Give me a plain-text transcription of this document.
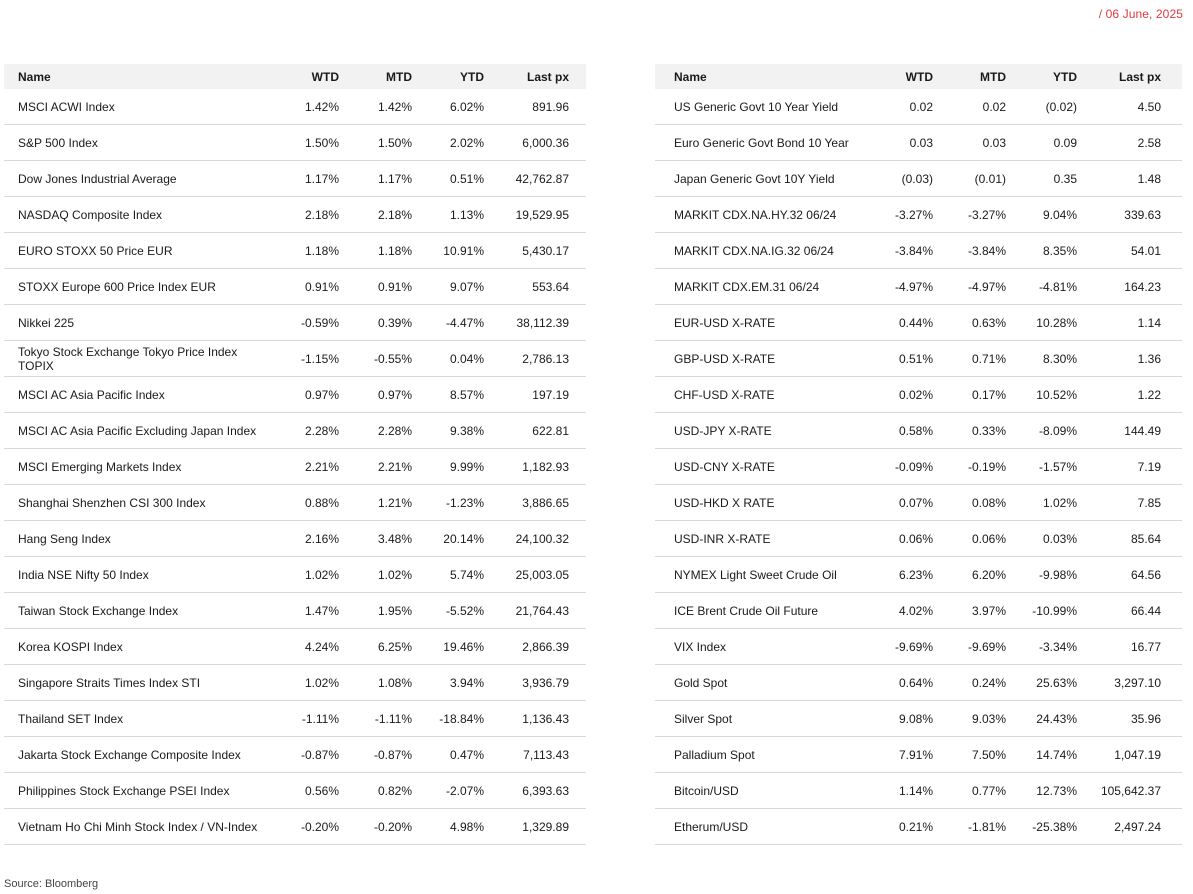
/ 06 June, 2025
Name	WTD	MTD	YTD	Last px
MSCI ACWI Index	1.42%	1.42%	6.02%	891.96
S&P 500 Index	1.50%	1.50%	2.02%	6,000.36
Dow Jones Industrial Average	1.17%	1.17%	0.51%	42,762.87
NASDAQ Composite Index	2.18%	2.18%	1.13%	19,529.95
EURO STOXX 50 Price EUR	1.18%	1.18%	10.91%	5,430.17
STOXX Europe 600 Price Index EUR	0.91%	0.91%	9.07%	553.64
Nikkei 225	-0.59%	0.39%	-4.47%	38,112.39
Tokyo Stock Exchange Tokyo Price Index TOPIX	-1.15%	-0.55%	0.04%	2,786.13
MSCI AC Asia Pacific Index	0.97%	0.97%	8.57%	197.19
MSCI AC Asia Pacific Excluding Japan Index	2.28%	2.28%	9.38%	622.81
MSCI Emerging Markets Index	2.21%	2.21%	9.99%	1,182.93
Shanghai Shenzhen CSI 300 Index	0.88%	1.21%	-1.23%	3,886.65
Hang Seng Index	2.16%	3.48%	20.14%	24,100.32
India NSE Nifty 50 Index	1.02%	1.02%	5.74%	25,003.05
Taiwan Stock Exchange Index	1.47%	1.95%	-5.52%	21,764.43
Korea KOSPI Index	4.24%	6.25%	19.46%	2,866.39
Singapore Straits Times Index STI	1.02%	1.08%	3.94%	3,936.79
Thailand SET Index	-1.11%	-1.11%	-18.84%	1,136.43
Jakarta Stock Exchange Composite Index	-0.87%	-0.87%	0.47%	7,113.43
Philippines Stock Exchange PSEI Index	0.56%	0.82%	-2.07%	6,393.63
Vietnam Ho Chi Minh Stock Index / VN-Index	-0.20%	-0.20%	4.98%	1,329.89
Name	WTD	MTD	YTD	Last px
US Generic Govt 10 Year Yield	0.02	0.02	(0.02)	4.50
Euro Generic Govt Bond 10 Year	0.03	0.03	0.09	2.58
Japan Generic Govt 10Y Yield	(0.03)	(0.01)	0.35	1.48
MARKIT CDX.NA.HY.32 06/24	-3.27%	-3.27%	9.04%	339.63
MARKIT CDX.NA.IG.32 06/24	-3.84%	-3.84%	8.35%	54.01
MARKIT CDX.EM.31 06/24	-4.97%	-4.97%	-4.81%	164.23
EUR-USD X-RATE	0.44%	0.63%	10.28%	1.14
GBP-USD X-RATE	0.51%	0.71%	8.30%	1.36
CHF-USD X-RATE	0.02%	0.17%	10.52%	1.22
USD-JPY X-RATE	0.58%	0.33%	-8.09%	144.49
USD-CNY X-RATE	-0.09%	-0.19%	-1.57%	7.19
USD-HKD X RATE	0.07%	0.08%	1.02%	7.85
USD-INR X-RATE	0.06%	0.06%	0.03%	85.64
NYMEX Light Sweet Crude Oil	6.23%	6.20%	-9.98%	64.56
ICE Brent Crude Oil Future	4.02%	3.97%	-10.99%	66.44
VIX Index	-9.69%	-9.69%	-3.34%	16.77
Gold Spot	0.64%	0.24%	25.63%	3,297.10
Silver Spot	9.08%	9.03%	24.43%	35.96
Palladium Spot	7.91%	7.50%	14.74%	1,047.19
Bitcoin/USD	1.14%	0.77%	12.73%	105,642.37
Etherum/USD	0.21%	-1.81%	-25.38%	2,497.24
Source: Bloomberg
